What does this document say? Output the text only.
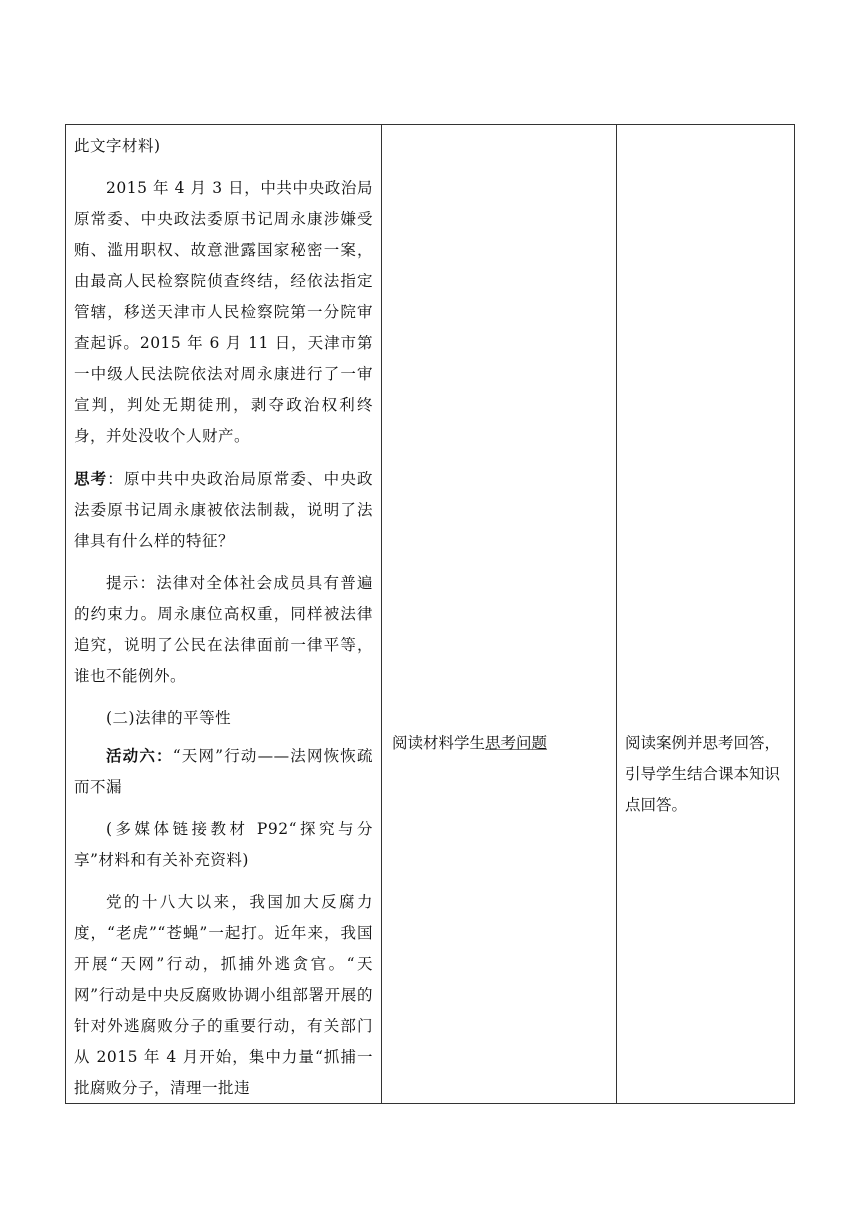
此文字材料)

2015 年 4 月 3 日，中共中央政治局原常委、中央政法委原书记周永康涉嫌受贿、滥用职权、故意泄露国家秘密一案，由最高人民检察院侦查终结，经依法指定管辖，移送天津市人民检察院第一分院审查起诉。2015 年 6 月 11 日，天津市第一中级人民法院依法对周永康进行了一审宣判，判处无期徒刑，剥夺政治权利终身，并处没收个人财产。

思考：原中共中央政治局原常委、中央政法委原书记周永康被依法制裁，说明了法律具有什么样的特征？

提示：法律对全体社会成员具有普遍的约束力。周永康位高权重，同样被法律追究，说明了公民在法律面前一律平等，谁也不能例外。

(二)法律的平等性

活动六：“天网”行动——法网恢恢疏而不漏

(多媒体链接教材 P92“探究与分享”材料和有关补充资料)

党的十八大以来，我国加大反腐力度，“老虎”“苍蝇”一起打。近年来，我国开展“天网”行动，抓捕外逃贪官。“天网”行动是中央反腐败协调小组部署开展的针对外逃腐败分子的重要行动，有关部门从 2015 年 4 月开始，集中力量“抓捕一批腐败分子，清理一批违

阅读材料学生思考问题	阅读案例并思考回答，引导学生结合课本知识点回答。
